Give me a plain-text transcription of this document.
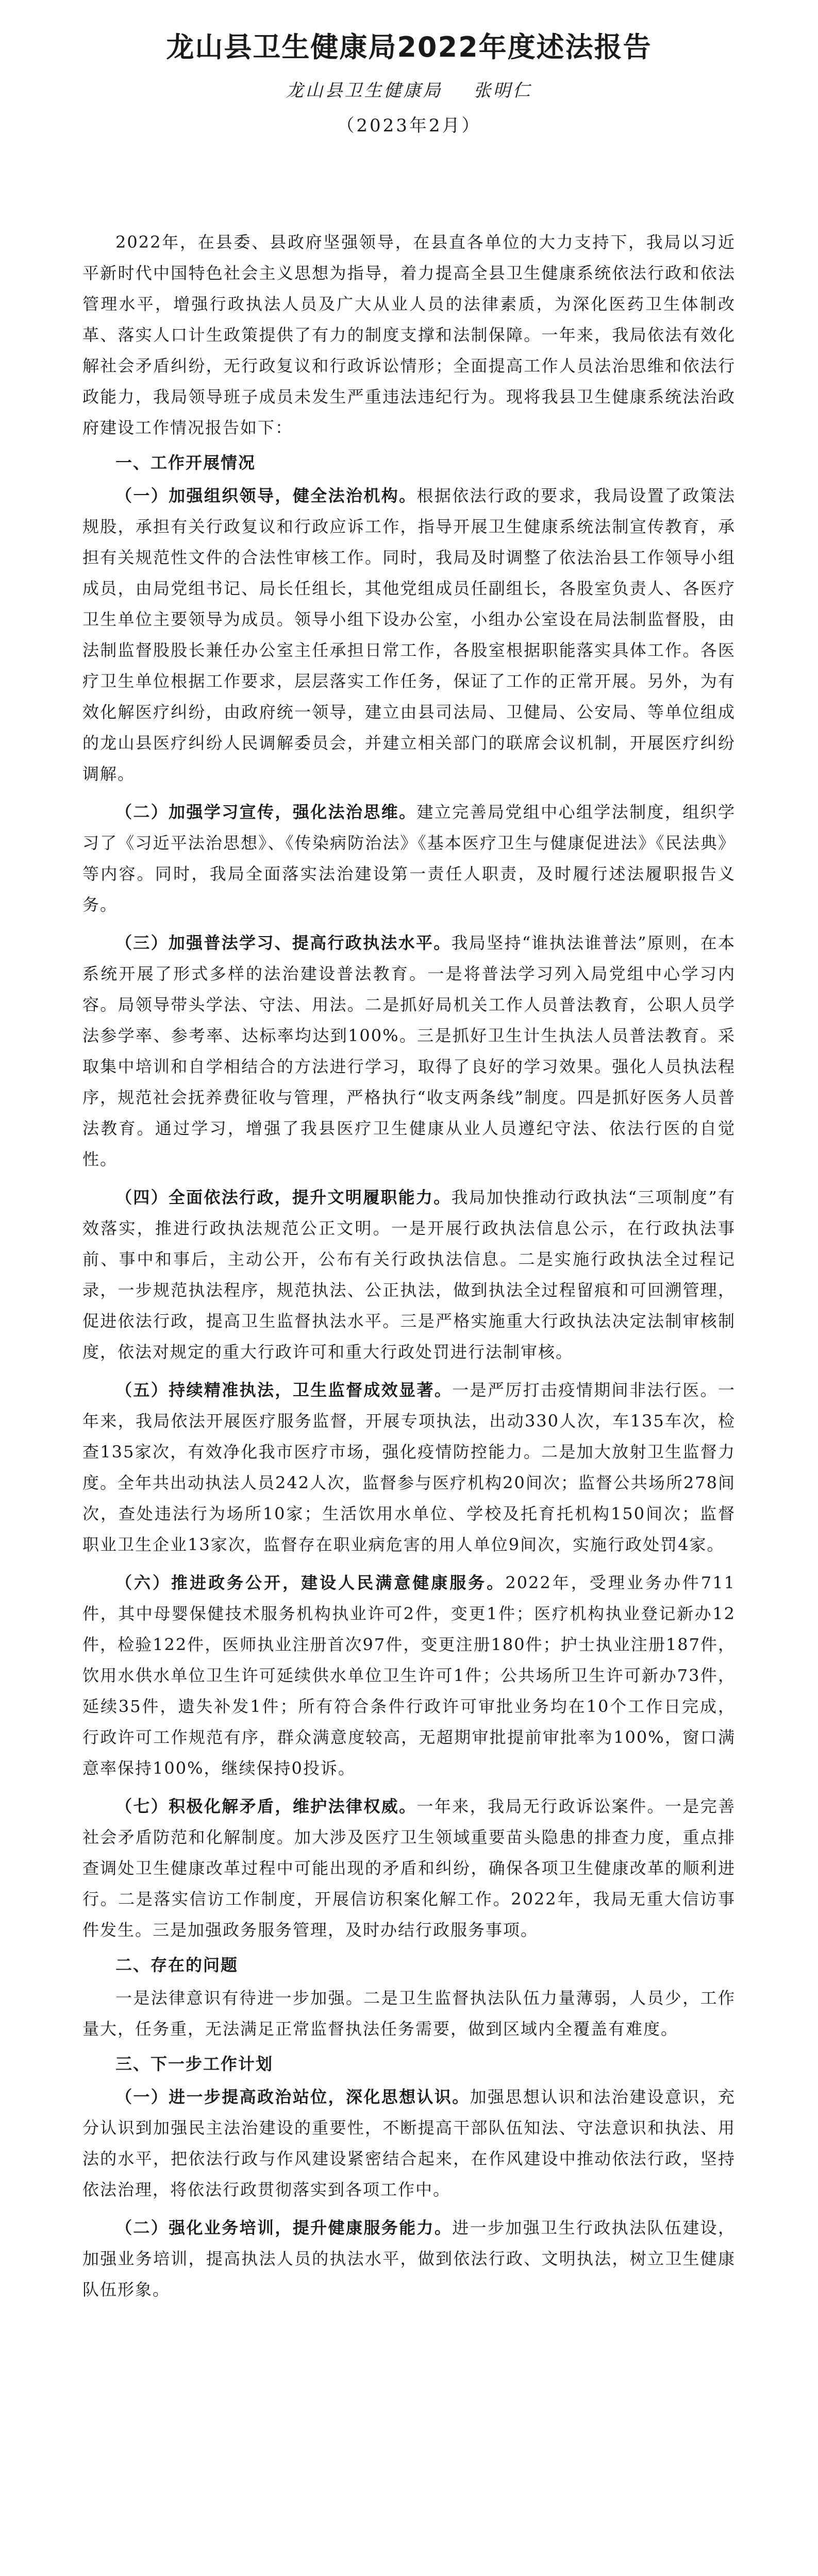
龙山县卫生健康局2022年度述法报告

龙山县卫生健康局 张明仁

（2023年2月）

2022年，在县委、县政府坚强领导，在县直各单位的大力支持下，我局以习近平新时代中国特色社会主义思想为指导，着力提高全县卫生健康系统依法行政和依法管理水平，增强行政执法人员及广大从业人员的法律素质，为深化医药卫生体制改革、落实人口计生政策提供了有力的制度支撑和法制保障。一年来，我局依法有效化解社会矛盾纠纷，无行政复议和行政诉讼情形；全面提高工作人员法治思维和依法行政能力，我局领导班子成员未发生严重违法违纪行为。现将我县卫生健康系统法治政府建设工作情况报告如下：

一、工作开展情况

（一）加强组织领导，健全法治机构。根据依法行政的要求，我局设置了政策法规股，承担有关行政复议和行政应诉工作，指导开展卫生健康系统法制宣传教育，承担有关规范性文件的合法性审核工作。同时，我局及时调整了依法治县工作领导小组成员，由局党组书记、局长任组长，其他党组成员任副组长，各股室负责人、各医疗卫生单位主要领导为成员。领导小组下设办公室，小组办公室设在局法制监督股，由法制监督股股长兼任办公室主任承担日常工作，各股室根据职能落实具体工作。各医疗卫生单位根据工作要求，层层落实工作任务，保证了工作的正常开展。另外，为有效化解医疗纠纷，由政府统一领导，建立由县司法局、卫健局、公安局、等单位组成的龙山县医疗纠纷人民调解委员会，并建立相关部门的联席会议机制，开展医疗纠纷调解。

（二）加强学习宣传，强化法治思维。建立完善局党组中心组学法制度，组织学习了《习近平法治思想》、《传染病防治法》《基本医疗卫生与健康促进法》《民法典》等内容。同时，我局全面落实法治建设第一责任人职责，及时履行述法履职报告义务。

（三）加强普法学习、提高行政执法水平。我局坚持“谁执法谁普法”原则，在本系统开展了形式多样的法治建设普法教育。一是将普法学习列入局党组中心学习内容。局领导带头学法、守法、用法。二是抓好局机关工作人员普法教育，公职人员学法参学率、参考率、达标率均达到100%。三是抓好卫生计生执法人员普法教育。采取集中培训和自学相结合的方法进行学习，取得了良好的学习效果。强化人员执法程序，规范社会抚养费征收与管理，严格执行“收支两条线”制度。四是抓好医务人员普法教育。通过学习，增强了我县医疗卫生健康从业人员遵纪守法、依法行医的自觉性。

（四）全面依法行政，提升文明履职能力。我局加快推动行政执法“三项制度”有效落实，推进行政执法规范公正文明。一是开展行政执法信息公示，在行政执法事前、事中和事后，主动公开，公布有关行政执法信息。二是实施行政执法全过程记录，一步规范执法程序，规范执法、公正执法，做到执法全过程留痕和可回溯管理，促进依法行政，提高卫生监督执法水平。三是严格实施重大行政执法决定法制审核制度，依法对规定的重大行政许可和重大行政处罚进行法制审核。

（五）持续精准执法，卫生监督成效显著。一是严厉打击疫情期间非法行医。一年来，我局依法开展医疗服务监督，开展专项执法，出动330人次，车135车次，检查135家次，有效净化我市医疗市场，强化疫情防控能力。二是加大放射卫生监督力度。全年共出动执法人员242人次，监督参与医疗机构20间次；监督公共场所278间次，查处违法行为场所10家；生活饮用水单位、学校及托育托机构150间次；监督职业卫生企业13家次，监督存在职业病危害的用人单位9间次，实施行政处罚4家。

（六）推进政务公开，建设人民满意健康服务。2022年，受理业务办件711件，其中母婴保健技术服务机构执业许可2件，变更1件；医疗机构执业登记新办12件，检验122件，医师执业注册首次97件，变更注册180件；护士执业注册187件，饮用水供水单位卫生许可延续供水单位卫生许可1件；公共场所卫生许可新办73件，延续35件，遗失补发1件；所有符合条件行政许可审批业务均在10个工作日完成，行政许可工作规范有序，群众满意度较高，无超期审批提前审批率为100%，窗口满意率保持100%，继续保持0投诉。

（七）积极化解矛盾，维护法律权威。一年来，我局无行政诉讼案件。一是完善社会矛盾防范和化解制度。加大涉及医疗卫生领域重要苗头隐患的排查力度，重点排查调处卫生健康改革过程中可能出现的矛盾和纠纷，确保各项卫生健康改革的顺利进行。二是落实信访工作制度，开展信访积案化解工作。2022年，我局无重大信访事件发生。三是加强政务服务管理，及时办结行政服务事项。

二、存在的问题

一是法律意识有待进一步加强。二是卫生监督执法队伍力量薄弱，人员少，工作量大，任务重，无法满足正常监督执法任务需要，做到区域内全覆盖有难度。

三、下一步工作计划

（一）进一步提高政治站位，深化思想认识。加强思想认识和法治建设意识，充分认识到加强民主法治建设的重要性，不断提高干部队伍知法、守法意识和执法、用法的水平，把依法行政与作风建设紧密结合起来，在作风建设中推动依法行政，坚持依法治理，将依法行政贯彻落实到各项工作中。

（二）强化业务培训，提升健康服务能力。进一步加强卫生行政执法队伍建设，加强业务培训，提高执法人员的执法水平，做到依法行政、文明执法，树立卫生健康队伍形象。
